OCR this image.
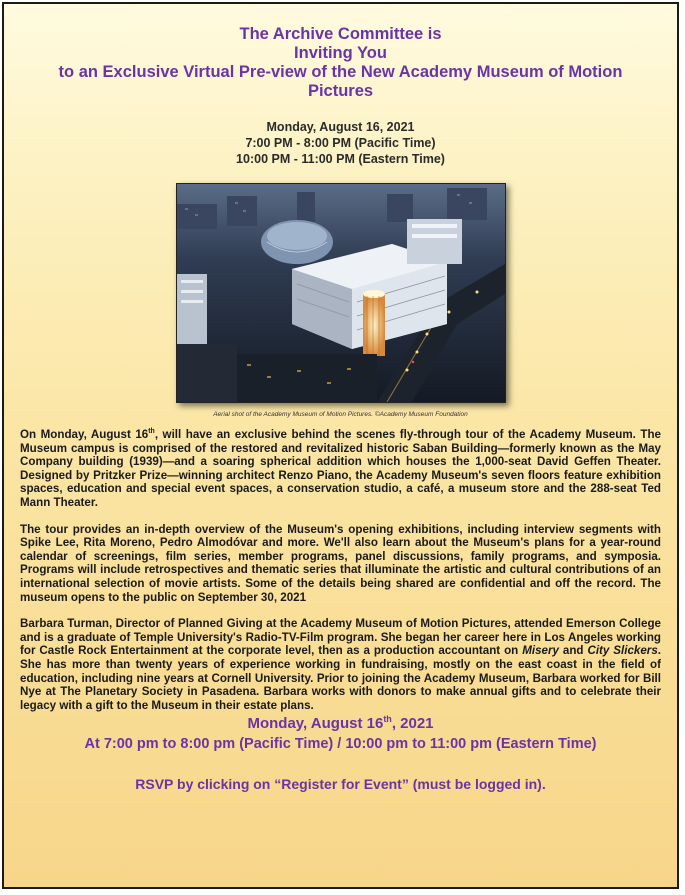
The Archive Committee is
Inviting You
to an Exclusive Virtual Pre-view of the New Academy Museum of Motion
Pictures
Monday, August 16, 2021
7:00 PM - 8:00 PM (Pacific Time)
10:00 PM - 11:00 PM (Eastern Time)
Aerial shot of the Academy Museum of Motion Pictures. ©Academy Museum Foundation

On Monday, August 16th, will have an exclusive behind the scenes fly-through tour of the Academy Museum. The Museum campus is comprised of the restored and revitalized historic Saban Building—formerly known as the May Company building (1939)—and a soaring spherical addition which houses the 1,000-seat David Geffen Theater. Designed by Pritzker Prize—winning architect Renzo Piano, the Academy Museum's seven floors feature exhibition spaces, education and special event spaces, a conservation studio, a café, a museum store and the 288-seat Ted Mann Theater.

The tour provides an in-depth overview of the Museum's opening exhibitions, including interview segments with Spike Lee, Rita Moreno, Pedro Almodóvar and more. We'll also learn about the Museum's plans for a year-round calendar of screenings, film series, member programs, panel discussions, family programs, and symposia. Programs will include retrospectives and thematic series that illuminate the artistic and cultural contributions of an international selection of movie artists. Some of the details being shared are confidential and off the record. The museum opens to the public on September 30, 2021

Barbara Turman, Director of Planned Giving at the Academy Museum of Motion Pictures, attended Emerson College and is a graduate of Temple University's Radio-TV-Film program. She began her career here in Los Angeles working for Castle Rock Entertainment at the corporate level, then as a production accountant on Misery and City Slickers. She has more than twenty years of experience working in fundraising, mostly on the east coast in the field of education, including nine years at Cornell University. Prior to joining the Academy Museum, Barbara worked for Bill Nye at The Planetary Society in Pasadena. Barbara works with donors to make annual gifts and to celebrate their legacy with a gift to the Museum in their estate plans.

Monday, August 16th, 2021
At 7:00 pm to 8:00 pm (Pacific Time) / 10:00 pm to 11:00 pm (Eastern Time)
RSVP by clicking on “Register for Event” (must be logged in).
